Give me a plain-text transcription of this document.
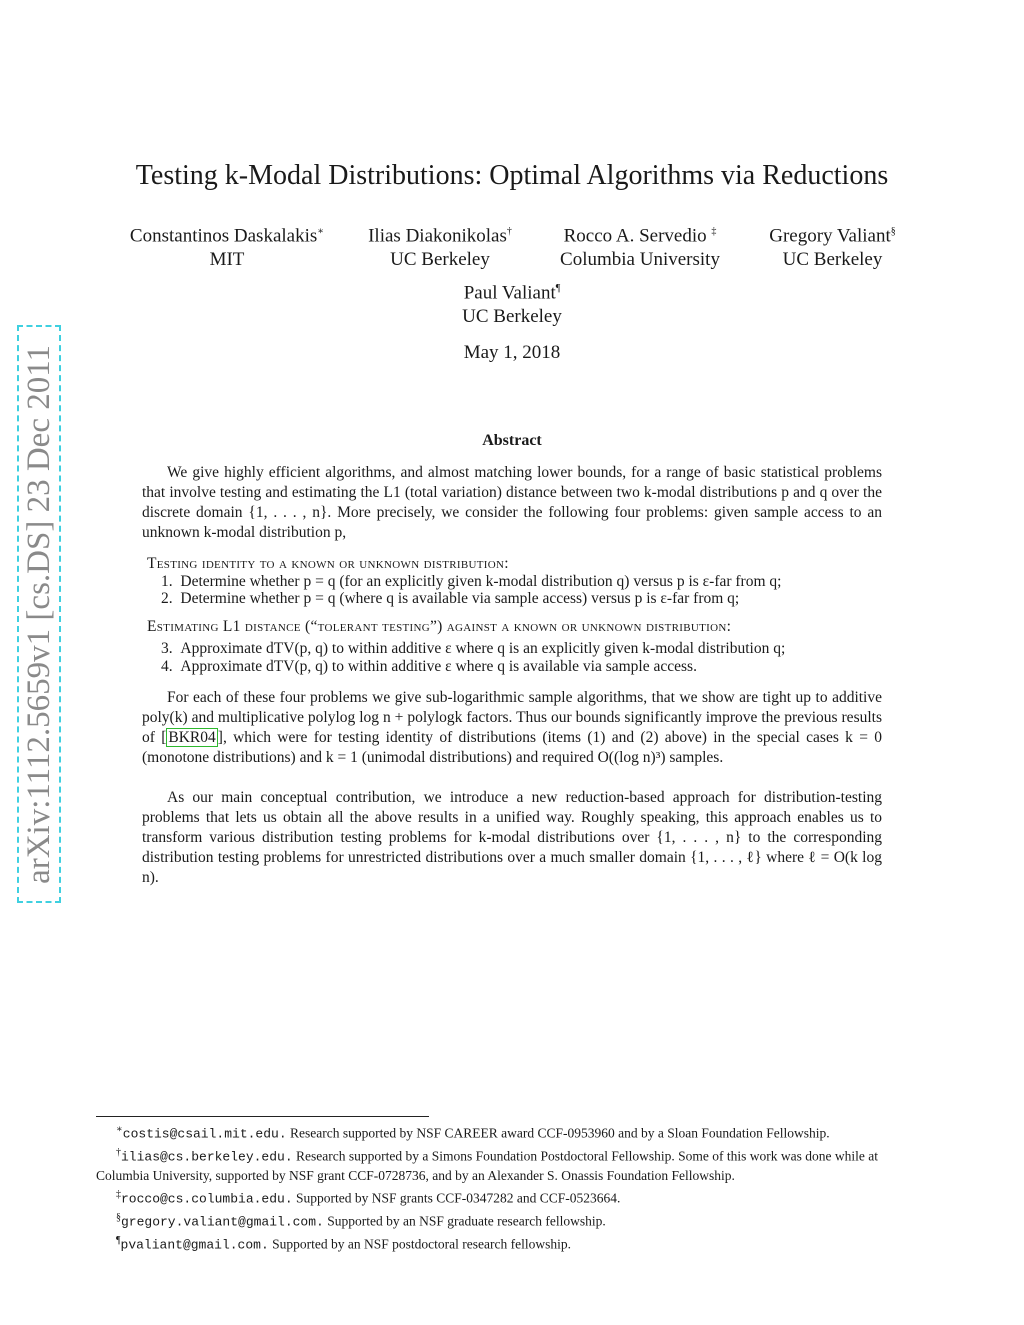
arXiv:1112.5659v1 [cs.DS] 23 Dec 2011
Testing k-Modal Distributions: Optimal Algorithms via Reductions
Constantinos Daskalakis∗
MIT
Ilias Diakonikolas†
UC Berkeley
Rocco A. Servedio ‡
Columbia University
Gregory Valiant§
UC Berkeley
Paul Valiant¶
UC Berkeley
May 1, 2018
Abstract
We give highly efficient algorithms, and almost matching lower bounds, for a range of basic statistical problems that involve testing and estimating the L1 (total variation) distance between two k-modal distributions p and q over the discrete domain {1, . . . , n}. More precisely, we consider the following four problems: given sample access to an unknown k-modal distribution p,
Testing identity to a known or unknown distribution:
1.  Determine whether p = q (for an explicitly given k-modal distribution q) versus p is ε-far from q;
2.  Determine whether p = q (where q is available via sample access) versus p is ε-far from q;
Estimating L1 distance (“tolerant testing”) against a known or unknown distribution:
3.  Approximate dTV(p, q) to within additive ε where q is an explicitly given k-modal distribution q;
4.  Approximate dTV(p, q) to within additive ε where q is available via sample access.
For each of these four problems we give sub-logarithmic sample algorithms, that we show are tight up to additive poly(k) and multiplicative polylog log n + polylogk factors. Thus our bounds significantly improve the previous results of [ BKR04 ], which were for testing identity of distributions (items (1) and (2) above) in the special cases k = 0 (monotone distributions) and k = 1 (unimodal distributions) and required O((log n)³) samples.
As our main conceptual contribution, we introduce a new reduction-based approach for distribution-testing problems that lets us obtain all the above results in a unified way. Roughly speaking, this approach enables us to transform various distribution testing problems for k-modal distributions over {1, . . . , n} to the corresponding distribution testing problems for unrestricted distributions over a much smaller domain {1, . . . , ℓ} where ℓ = O(k log n).
∗costis@csail.mit.edu. Research supported by NSF CAREER award CCF-0953960 and by a Sloan Foundation Fellowship.
†ilias@cs.berkeley.edu. Research supported by a Simons Foundation Postdoctoral Fellowship. Some of this work was done while at Columbia University, supported by NSF grant CCF-0728736, and by an Alexander S. Onassis Foundation Fellowship.
‡rocco@cs.columbia.edu. Supported by NSF grants CCF-0347282 and CCF-0523664.
§gregory.valiant@gmail.com. Supported by an NSF graduate research fellowship.
¶pvaliant@gmail.com. Supported by an NSF postdoctoral research fellowship.
